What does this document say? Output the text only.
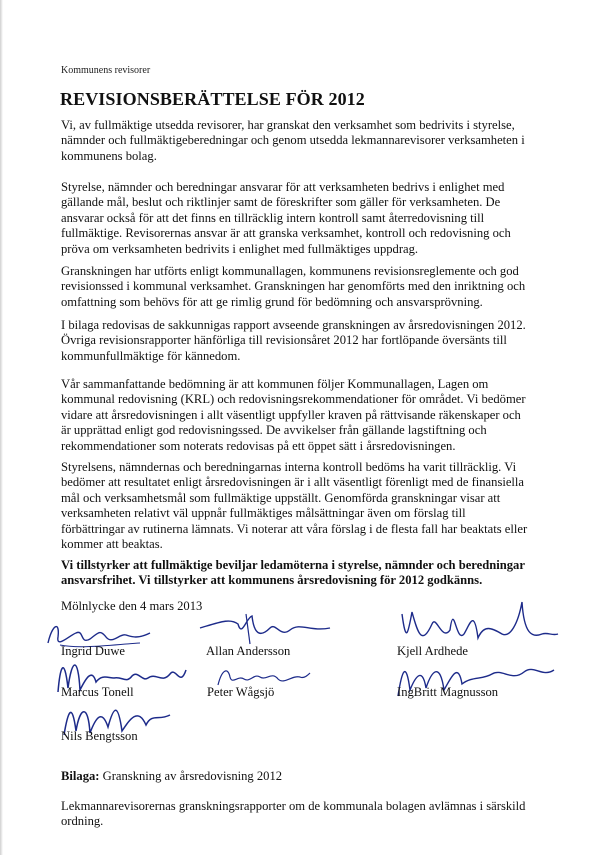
Kommunens revisorer
REVISIONSBERÄTTELSE FÖR 2012

Vi, av fullmäktige utsedda revisorer, har granskat den verksamhet som bedrivits i styrelse, nämnder och fullmäktigeberedningar och genom utsedda lekmannarevisorer verksamheten i kommunens bolag.

Styrelse, nämnder och beredningar ansvarar för att verksamheten bedrivs i enlighet med gällande mål, beslut och riktlinjer samt de föreskrifter som gäller för verksamheten. De ansvarar också för att det finns en tillräcklig intern kontroll samt återredovisning till fullmäktige. Revisorernas ansvar är att granska verksamhet, kontroll och redovisning och pröva om verksamheten bedrivits i enlighet med fullmäktiges uppdrag.

Granskningen har utförts enligt kommunallagen, kommunens revisionsreglemente och god revisionssed i kommunal verksamhet. Granskningen har genomförts med den inriktning och omfattning som behövs för att ge rimlig grund för bedömning och ansvarsprövning.

I bilaga redovisas de sakkunnigas rapport avseende granskningen av årsredovisningen 2012. Övriga revisionsrapporter hänförliga till revisionsåret 2012 har fortlöpande översänts till kommunfullmäktige för kännedom.

Vår sammanfattande bedömning är att kommunen följer Kommunallagen, Lagen om kommunal redovisning (KRL) och redovisningsrekommendationer för området. Vi bedömer vidare att årsredovisningen i allt väsentligt uppfyller kraven på rättvisande räkenskaper och är upprättad enligt god redovisningssed. De avvikelser från gällande lagstiftning och rekommendationer som noterats redovisas på ett öppet sätt i årsredovisningen.

Styrelsens, nämndernas och beredningarnas interna kontroll bedöms ha varit tillräcklig. Vi bedömer att resultatet enligt årsredovisningen är i allt väsentligt förenligt med de finansiella mål och verksamhetsmål som fullmäktige uppställt. Genomförda granskningar visar att verksamheten relativt väl uppnår fullmäktiges målsättningar även om förslag till förbättringar av rutinerna lämnats. Vi noterar att våra förslag i de flesta fall har beaktats eller kommer att beaktas.

Vi tillstyrker att fullmäktige beviljar ledamöterna i styrelse, nämnder och beredningar ansvarsfrihet. Vi tillstyrker att kommunens årsredovisning för 2012 godkänns.

Mölnlycke den 4 mars 2013
Ingrid Duwe	Allan Andersson	Kjell Ardhede
Marcus Tonell	Peter Wågsjö	IngBritt Magnusson
Nils Bengtsson
Bilaga: Granskning av årsredovisning 2012

Lekmannarevisorernas granskningsrapporter om de kommunala bolagen avlämnas i särskild ordning.
